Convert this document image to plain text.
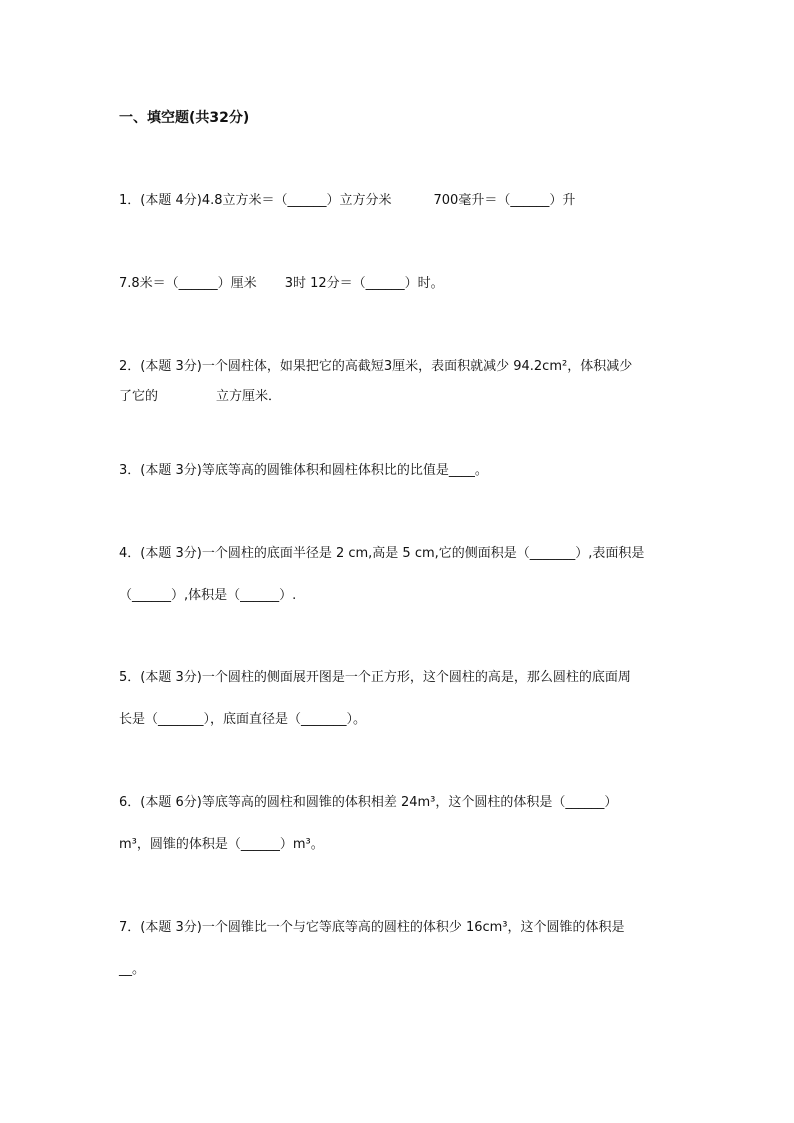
一、填空题(共32分)
1．(本题 4分)4.8立方米＝（______）立方分米	700毫升＝（______）升
7.8米＝（______）厘米 3时 12分＝（______）时。
2．(本题 3分)一个圆柱体，如果把它的高截短3厘米，表面积就减少 94.2cm²，体积减少
了它的	立方厘米．
3．(本题 3分)等底等高的圆锥体积和圆柱体积比的比值是____。
4．(本题 3分)一个圆柱的底面半径是 2 cm,高是 5 cm,它的侧面积是（_______）,表面积是
（______）,体积是（______）.
5．(本题 3分)一个圆柱的侧面展开图是一个正方形，这个圆柱的高是，那么圆柱的底面周
长是（_______），底面直径是（_______）。
6．(本题 6分)等底等高的圆柱和圆锥的体积相差 24m³，这个圆柱的体积是（______）
m³，圆锥的体积是（______）m³。
7．(本题 3分)一个圆锥比一个与它等底等高的圆柱的体积少 16cm³，这个圆锥的体积是
__。
